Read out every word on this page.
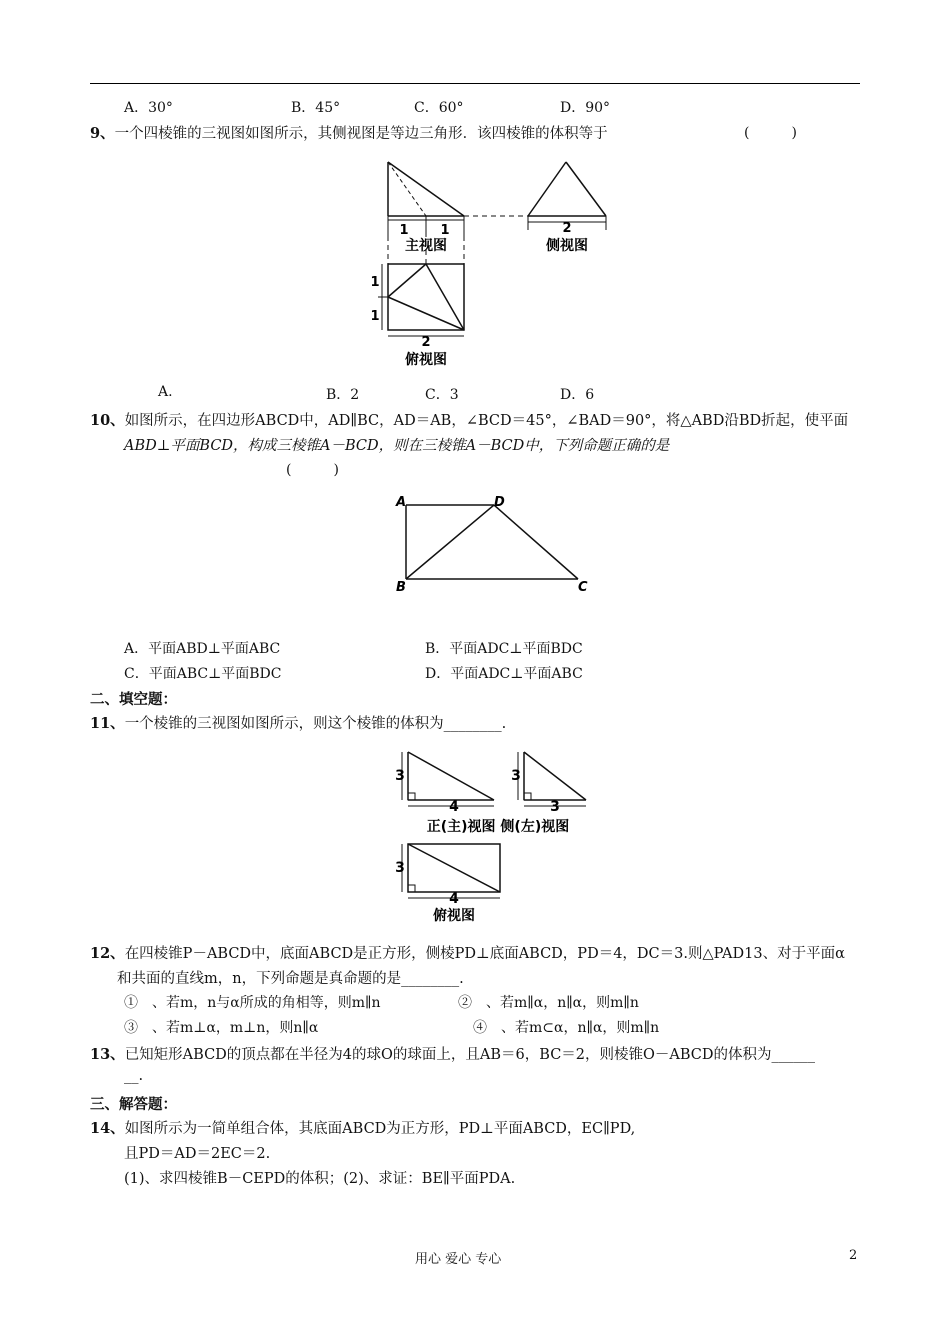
A．30°	B．45°	C．60°	D．90°
9、一个四棱锥的三视图如图所示，其侧视图是等边三角形．该四棱锥的体积等于	(　　　)
1 1
主视图
2
侧视图
1
1
2
俯视图
A.	B．2	C．3	D．6
10、如图所示，在四边形ABCD中，AD∥BC，AD＝AB，∠BCD＝45°，∠BAD＝90°，将△ABD沿BD折起，使平面
ABD⊥平面BCD，构成三棱锥A－BCD，则在三棱锥A－BCD中，下列命题正确的是
(　　　)
A	D
B	C
A．平面ABD⊥平面ABC	B．平面ADC⊥平面BDC
C．平面ABC⊥平面BDC	D．平面ADC⊥平面ABC
二、填空题：
11、一个棱锥的三视图如图所示，则这个棱锥的体积为________.
3
4
3
3
正(主)视图 侧(左)视图
3
4
俯视图
12、在四棱锥P－ABCD中，底面ABCD是正方形，侧棱PD⊥底面ABCD，PD＝4，DC＝3.则△PAD13、对于平面α
和共面的直线m，n，下列命题是真命题的是________.
①　、若m，n与α所成的角相等，则m∥n	②　、若m∥α，n∥α，则m∥n
③　、若m⊥α，m⊥n，则n∥α	④　、若m⊂α，n∥α，则m∥n
13、已知矩形ABCD的顶点都在半径为4的球O的球面上，且AB＝6，BC＝2，则棱锥O－ABCD的体积为______
__.
三、解答题：
14、如图所示为一简单组合体，其底面ABCD为正方形，PD⊥平面ABCD，EC∥PD,
且PD＝AD＝2EC＝2.
(1)、求四棱锥B－CEPD的体积；(2)、求证：BE∥平面PDA.
用心 爱心 专心	2
